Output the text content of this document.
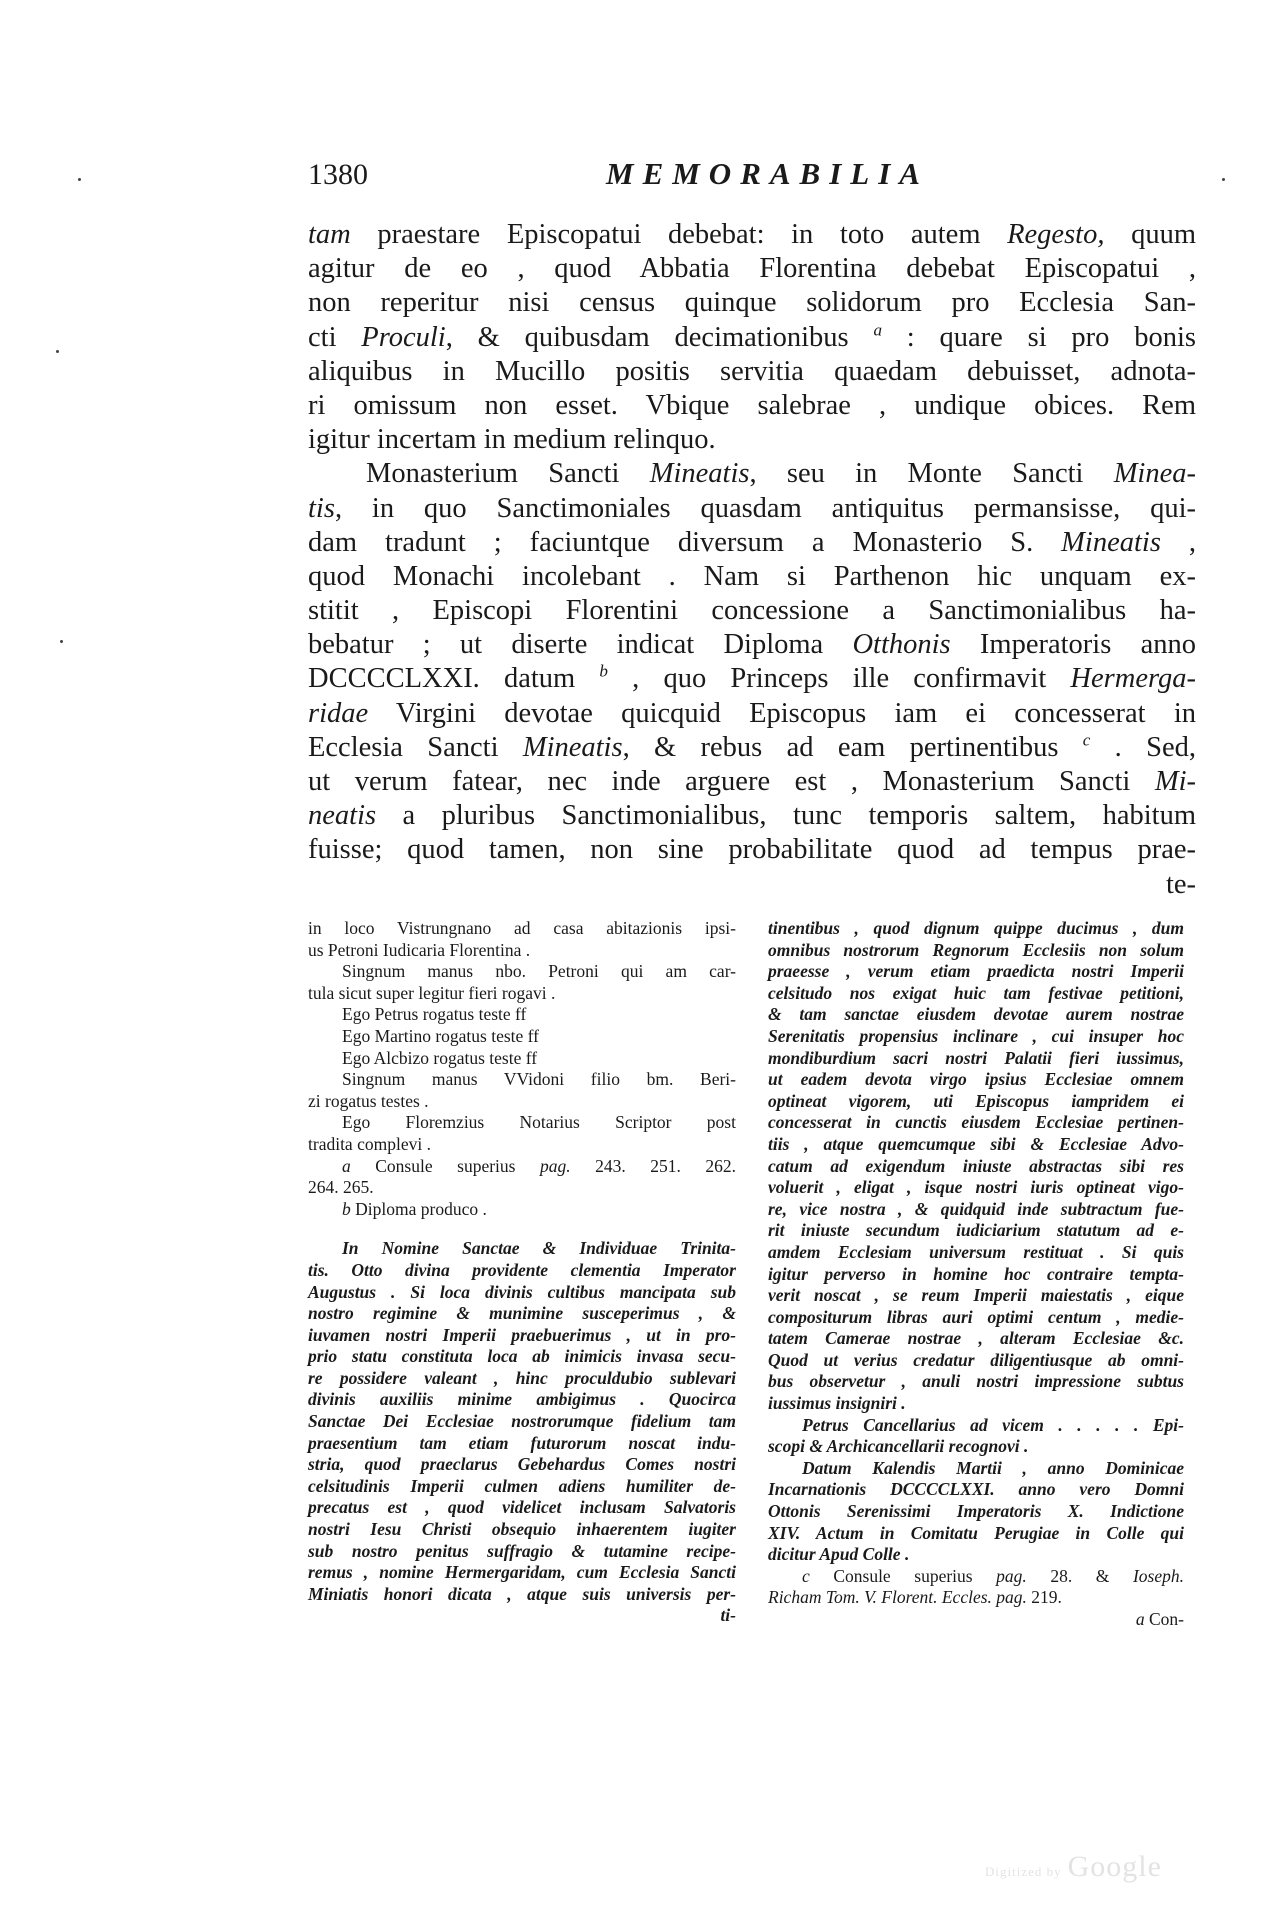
1380	MEMORABILIA
tam praestare Episcopatui debebat: in toto autem Regesto, quum
agitur de eo , quod Abbatia Florentina debebat Episcopatui ,
non reperitur nisi census quinque solidorum pro Ecclesia San-
cti Proculi, & quibusdam decimationibus $^a$ : quare si pro bonis
aliquibus in Mucillo positis servitia quaedam debuisset, adnota-
ri omissum non esset. Vbique salebrae , undique obices. Rem
igitur incertam in medium relinquo.
Monasterium Sancti Mineatis, seu in Monte Sancti Minea-
tis, in quo Sanctimoniales quasdam antiquitus permansisse, qui-
dam tradunt ; faciuntque diversum a Monasterio S. Mineatis ,
quod Monachi incolebant . Nam si Parthenon hic unquam ex-
stitit , Episcopi Florentini concessione a Sanctimonialibus ha-
bebatur ; ut diserte indicat Diploma Otthonis Imperatoris anno
DCCCCLXXI. datum $^b$ , quo Princeps ille confirmavit Hermerga-
ridae Virgini devotae quicquid Episcopus iam ei concesserat in
Ecclesia Sancti Mineatis, & rebus ad eam pertinentibus $^c$ . Sed,
ut verum fatear, nec inde arguere est , Monasterium Sancti Mi-
neatis a pluribus Sanctimonialibus, tunc temporis saltem, habitum
fuisse; quod tamen, non sine probabilitate quod ad tempus prae-
te-
in loco Vistrungnano ad casa abitazionis ipsi-
us Petroni Iudicaria Florentina .
Singnum manus nbo. Petroni qui am car-
tula sicut super legitur fieri rogavi .
Ego Petrus rogatus teste ff
Ego Martino rogatus teste ff
Ego Alcbizo rogatus teste ff
Singnum manus VVidoni filio bm. Beri-
zi rogatus testes .
Ego Floremzius Notarius Scriptor post
tradita complevi .
a Consule superius pag. 243. 251. 262.
264. 265.
b Diploma produco .
In Nomine Sanctae & Individuae Trinita-
tis. Otto divina providente clementia Imperator
Augustus . Si loca divinis cultibus mancipata sub
nostro regimine & munimine susceperimus , &
iuvamen nostri Imperii praebuerimus , ut in pro-
prio statu constituta loca ab inimicis invasa secu-
re possidere valeant , hinc proculdubio sublevari
divinis auxiliis minime ambigimus . Quocirca
Sanctae Dei Ecclesiae nostrorumque fidelium tam
praesentium tam etiam futurorum noscat indu-
stria, quod praeclarus Gebehardus Comes nostri
celsitudinis Imperii culmen adiens humiliter de-
precatus est , quod videlicet inclusam Salvatoris
nostri Iesu Christi obsequio inhaerentem iugiter
sub nostro penitus suffragio & tutamine recipe-
remus , nomine Hermergaridam, cum Ecclesia Sancti
Miniatis honori dicata , atque suis universis per-
ti-
tinentibus , quod dignum quippe ducimus , dum
omnibus nostrorum Regnorum Ecclesiis non solum
praeesse , verum etiam praedicta nostri Imperii
celsitudo nos exigat huic tam festivae petitioni,
& tam sanctae eiusdem devotae aurem nostrae
Serenitatis propensius inclinare , cui insuper hoc
mondiburdium sacri nostri Palatii fieri iussimus,
ut eadem devota virgo ipsius Ecclesiae omnem
optineat vigorem, uti Episcopus iampridem ei
concesserat in cunctis eiusdem Ecclesiae pertinen-
tiis , atque quemcumque sibi & Ecclesiae Advo-
catum ad exigendum iniuste abstractas sibi res
voluerit , eligat , isque nostri iuris optineat vigo-
re, vice nostra , & quidquid inde subtractum fue-
rit iniuste secundum iudiciarium statutum ad e-
amdem Ecclesiam universum restituat . Si quis
igitur perverso in homine hoc contraire tempta-
verit noscat , se reum Imperii maiestatis , eique
compositurum libras auri optimi centum , medie-
tatem Camerae nostrae , alteram Ecclesiae &c.
Quod ut verius credatur diligentiusque ab omni-
bus observetur , anuli nostri impressione subtus
iussimus insigniri .
Petrus Cancellarius ad vicem . . . . . Epi-
scopi & Archicancellarii recognovi .
Datum Kalendis Martii , anno Dominicae
Incarnationis DCCCCLXXI. anno vero Domni
Ottonis Serenissimi Imperatoris X. Indictione
XIV. Actum in Comitatu Perugiae in Colle qui
dicitur Apud Colle .
c Consule superius pag. 28. & Ioseph.
Richam Tom. V. Florent. Eccles. pag. 219.
a Con-
Digitized by Google
